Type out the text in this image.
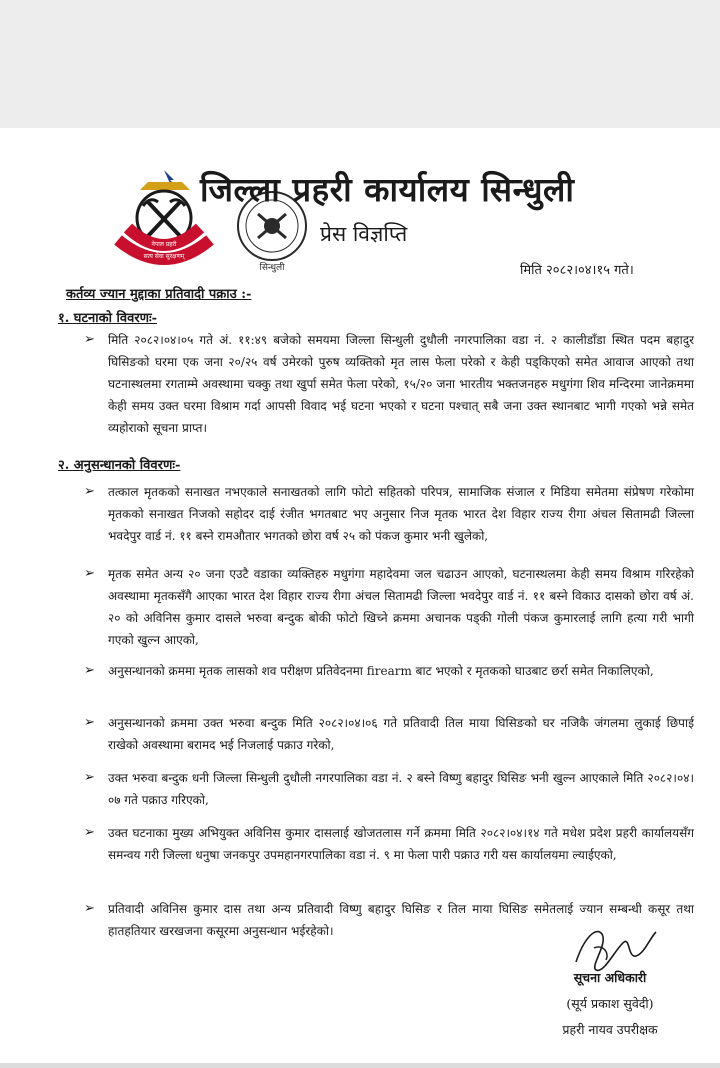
नेपाल प्रहरी
सत्य सेवा सुरक्षणम्
सिन्धुली
जिल्ला प्रहरी कार्यालय सिन्धुली
प्रेस विज्ञप्ति
मिति २०८२।०४।१५ गते।
कर्तव्य ज्यान मुद्दाका प्रतिवादी पक्राउ :-
१. घटनाको विवरणः-
➢	मिति २०८२।०४।०५ गते अं. ११:४९ बजेको समयमा जिल्ला सिन्धुली दुधौली नगरपालिका वडा नं. २ कालीडाँडा स्थित पदम बहादुर घिसिङको घरमा एक जना २०/२५ वर्ष उमेरको पुरुष व्यक्तिको मृत लास फेला परेको र केही पड्किएको समेत आवाज आएको तथा घटनास्थलमा रगताम्मे अवस्थामा चक्कु तथा खुर्पा समेत फेला परेको, १५/२० जना भारतीय भक्तजनहरु मधुगंगा शिव मन्दिरमा जानेक्रममा केही समय उक्त घरमा विश्राम गर्दा आपसी विवाद भई घटना भएको र घटना पश्चात् सबै जना उक्त स्थानबाट भागी गएको भन्ने समेत व्यहोराको सूचना प्राप्त।
२. अनुसन्धानको विवरणः-
➢	तत्काल मृतकको सनाखत नभएकाले सनाखतको लागि फोटो सहितको परिपत्र, सामाजिक संजाल र मिडिया समेतमा संप्रेषण गरेकोमा मृतकको सनाखत निजको सहोदर दाई रंजीत भगतबाट भए अनुसार निज मृतक भारत देश विहार राज्य रीगा अंचल सितामढी जिल्ला भवदेपुर वार्ड नं. ११ बस्ने रामऔतार भगतको छोरा वर्ष २५ को पंकज कुमार भनी खुलेको,
➢	मृतक समेत अन्य २० जना एउटै वडाका व्यक्तिहरु मधुगंगा महादेवमा जल चढाउन आएको, घटनास्थलमा केही समय विश्राम गरिरहेको अवस्थामा मृतकसँगै आएका भारत देश विहार राज्य रीगा अंचल सितामढी जिल्ला भवदेपुर वार्ड नं. ११ बस्ने विकाउ दासको छोरा वर्ष अं. २० को अविनिस कुमार दासले भरुवा बन्दुक बोकी फोटो खिच्ने क्रममा अचानक पड्की गोली पंकज कुमारलाई लागि हत्या गरी भागी गएको खुल्न आएको,
➢	अनुसन्धानको क्रममा मृतक लासको शव परीक्षण प्रतिवेदनमा firearm बाट भएको र मृतकको घाउबाट छर्रा समेत निकालिएको,
➢	अनुसन्धानको क्रममा उक्त भरुवा बन्दुक मिति २०८२।०४।०६ गते प्रतिवादी तिल माया घिसिङको घर नजिकै जंगलमा लुकाई छिपाई राखेको अवस्थामा बरामद भई निजलाई पक्राउ गरेको,
➢	उक्त भरुवा बन्दुक धनी जिल्ला सिन्धुली दुधौली नगरपालिका वडा नं. २ बस्ने विष्णु बहादुर घिसिङ भनी खुल्न आएकाले मिति २०८२।०४।०७ गते पक्राउ गरिएको,
➢	उक्त घटनाका मुख्य अभियुक्त अविनिस कुमार दासलाई खोजतलास गर्ने क्रममा मिति २०८२।०४।१४ गते मधेश प्रदेश प्रहरी कार्यालयसँग समन्वय गरी जिल्ला धनुषा जनकपुर उपमहानगरपालिका वडा नं. ९ मा फेला पारी पक्राउ गरी यस कार्यालयमा ल्याईएको,
➢	प्रतिवादी अविनिस कुमार दास तथा अन्य प्रतिवादी विष्णु बहादुर घिसिङ र तिल माया घिसिङ समेतलाई ज्यान सम्बन्धी कसूर तथा हातहतियार खरखजना कसूरमा अनुसन्धान भईरहेको।
सूचना अधिकारी
(सूर्य प्रकाश सुवेदी)
प्रहरी नायव उपरीक्षक
